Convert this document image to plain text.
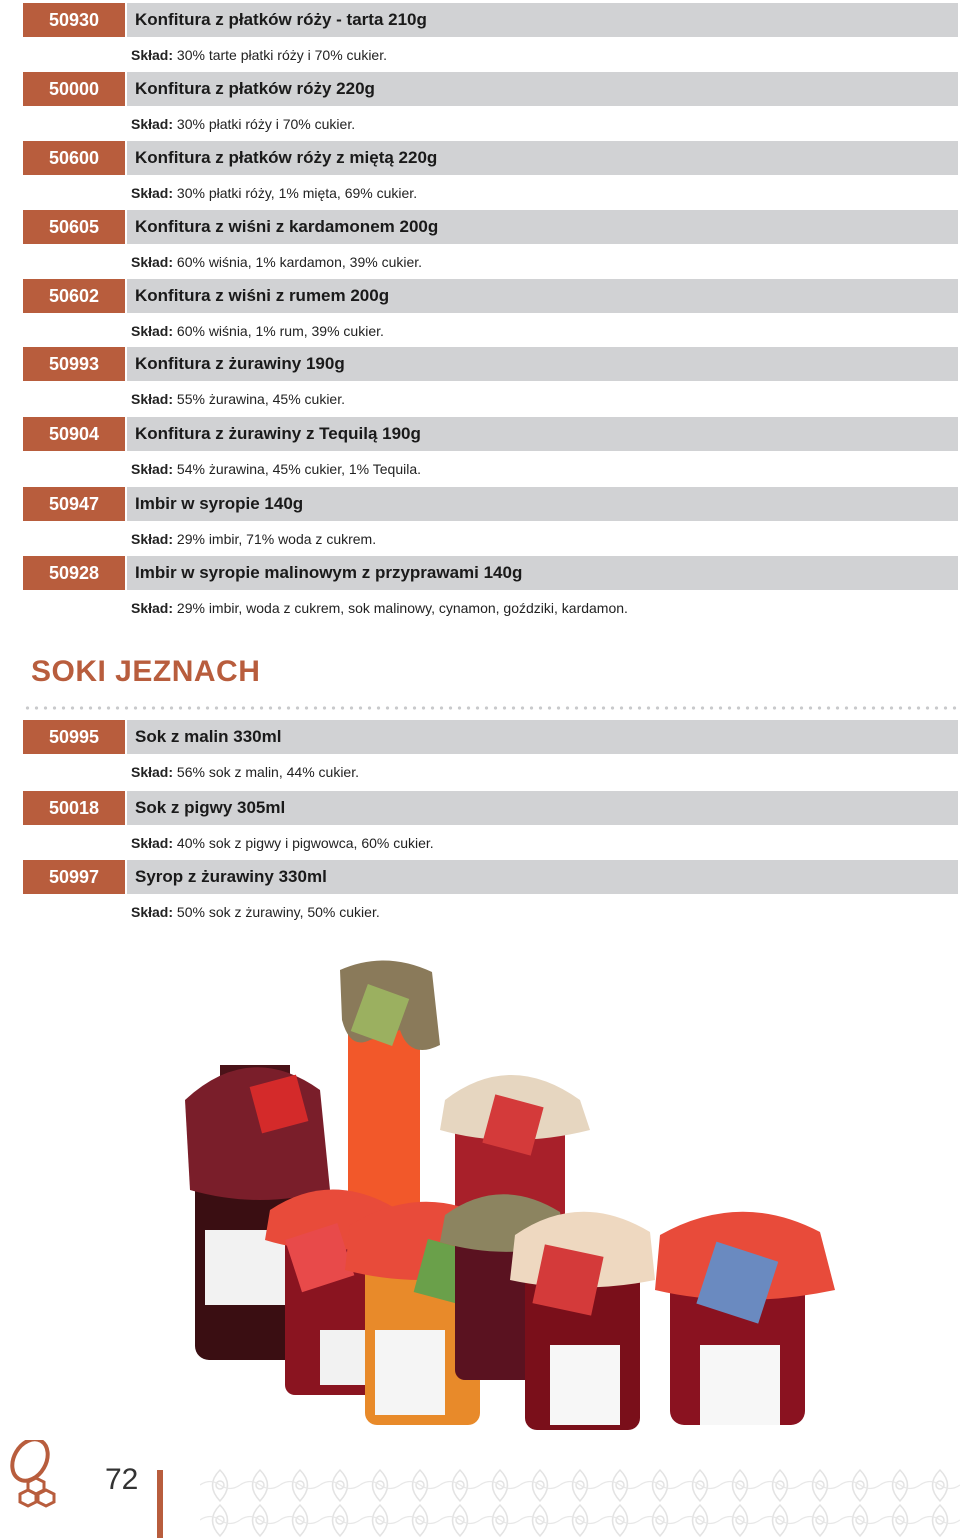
50930	Konfitura z płatków róży - tarta 210g
Skład: 30% tarte płatki róży i 70% cukier.
50000	Konfitura z płatków róży 220g
Skład: 30% płatki róży i 70% cukier.
50600	Konfitura z płatków róży z miętą 220g
Skład: 30% płatki róży, 1% mięta, 69% cukier.
50605	Konfitura z wiśni z kardamonem 200g
Skład: 60% wiśnia, 1% kardamon, 39% cukier.
50602	Konfitura z wiśni z rumem 200g
Skład: 60% wiśnia, 1% rum, 39% cukier.
50993	Konfitura z żurawiny 190g
Skład: 55% żurawina, 45% cukier.
50904	Konfitura z żurawiny z Tequilą 190g
Skład: 54% żurawina, 45% cukier, 1% Tequila.
50947	Imbir w syropie 140g
Skład: 29% imbir, 71% woda z cukrem.
50928	Imbir w syropie malinowym z przyprawami 140g
Skład: 29% imbir, woda z cukrem, sok malinowy, cynamon, goździki, kardamon.
SOKI JEZNACH
50995	Sok z malin 330ml
Skład: 56% sok z malin, 44% cukier.
50018	Sok z pigwy 305ml
Skład: 40% sok z pigwy i pigwowca, 60% cukier.
50997	Syrop z żurawiny 330ml
Skład: 50% sok z żurawiny, 50% cukier.
72
